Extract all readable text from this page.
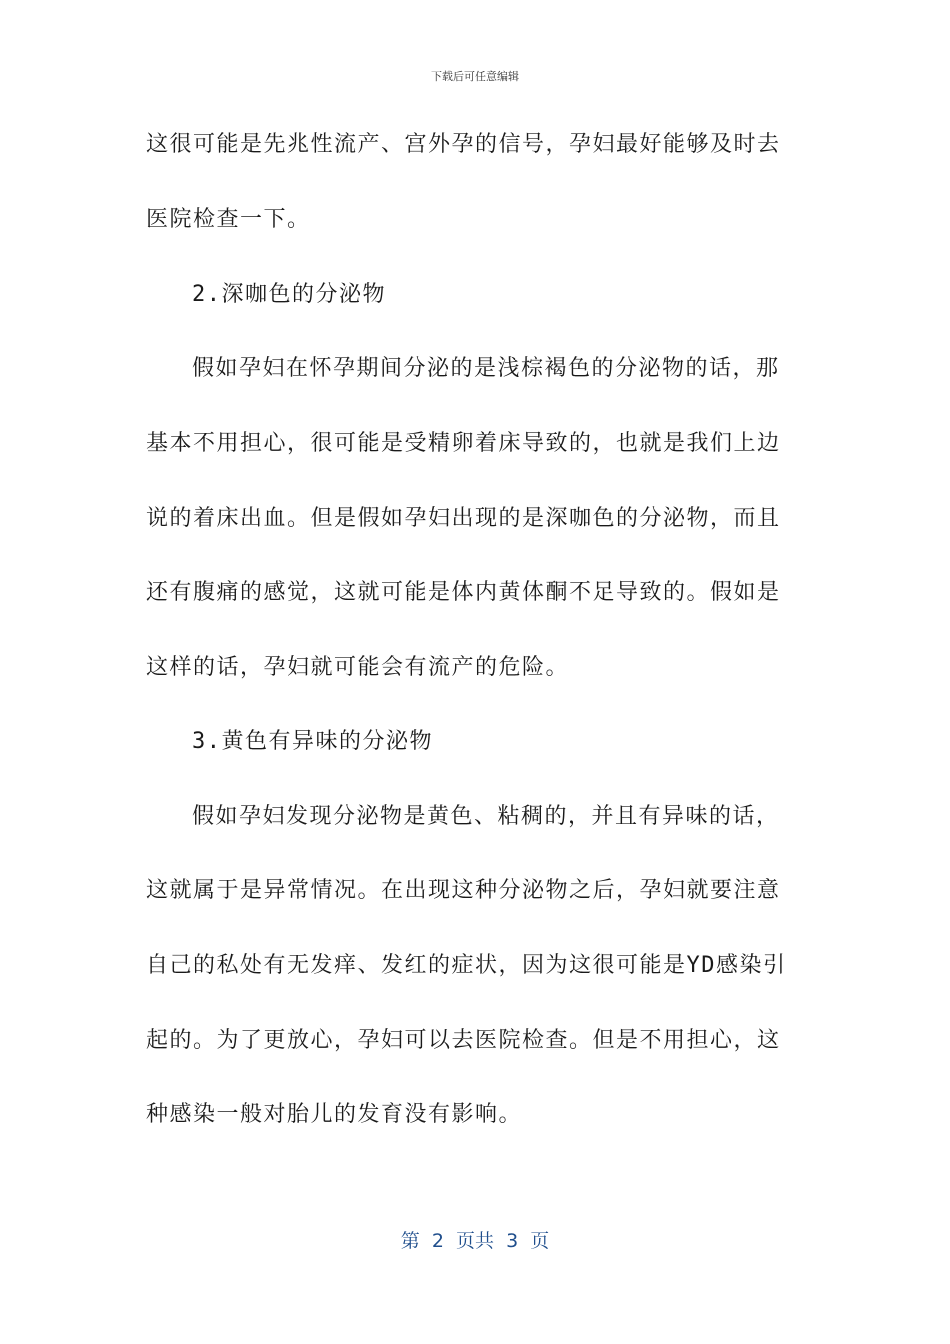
下载后可任意编辑
这很可能是先兆性流产、宫外孕的信号，孕妇最好能够及时去
医院检查一下。
2.深咖色的分泌物
假如孕妇在怀孕期间分泌的是浅棕褐色的分泌物的话，那
基本不用担心，很可能是受精卵着床导致的，也就是我们上边
说的着床出血。但是假如孕妇出现的是深咖色的分泌物，而且
还有腹痛的感觉，这就可能是体内黄体酮不足导致的。假如是
这样的话，孕妇就可能会有流产的危险。
3.黄色有异味的分泌物
假如孕妇发现分泌物是黄色、粘稠的，并且有异味的话，
这就属于是异常情况。在出现这种分泌物之后，孕妇就要注意
自己的私处有无发痒、发红的症状，因为这很可能是YD感染引
起的。为了更放心，孕妇可以去医院检查。但是不用担心，这
种感染一般对胎儿的发育没有影响。
第  2  页共  3  页
